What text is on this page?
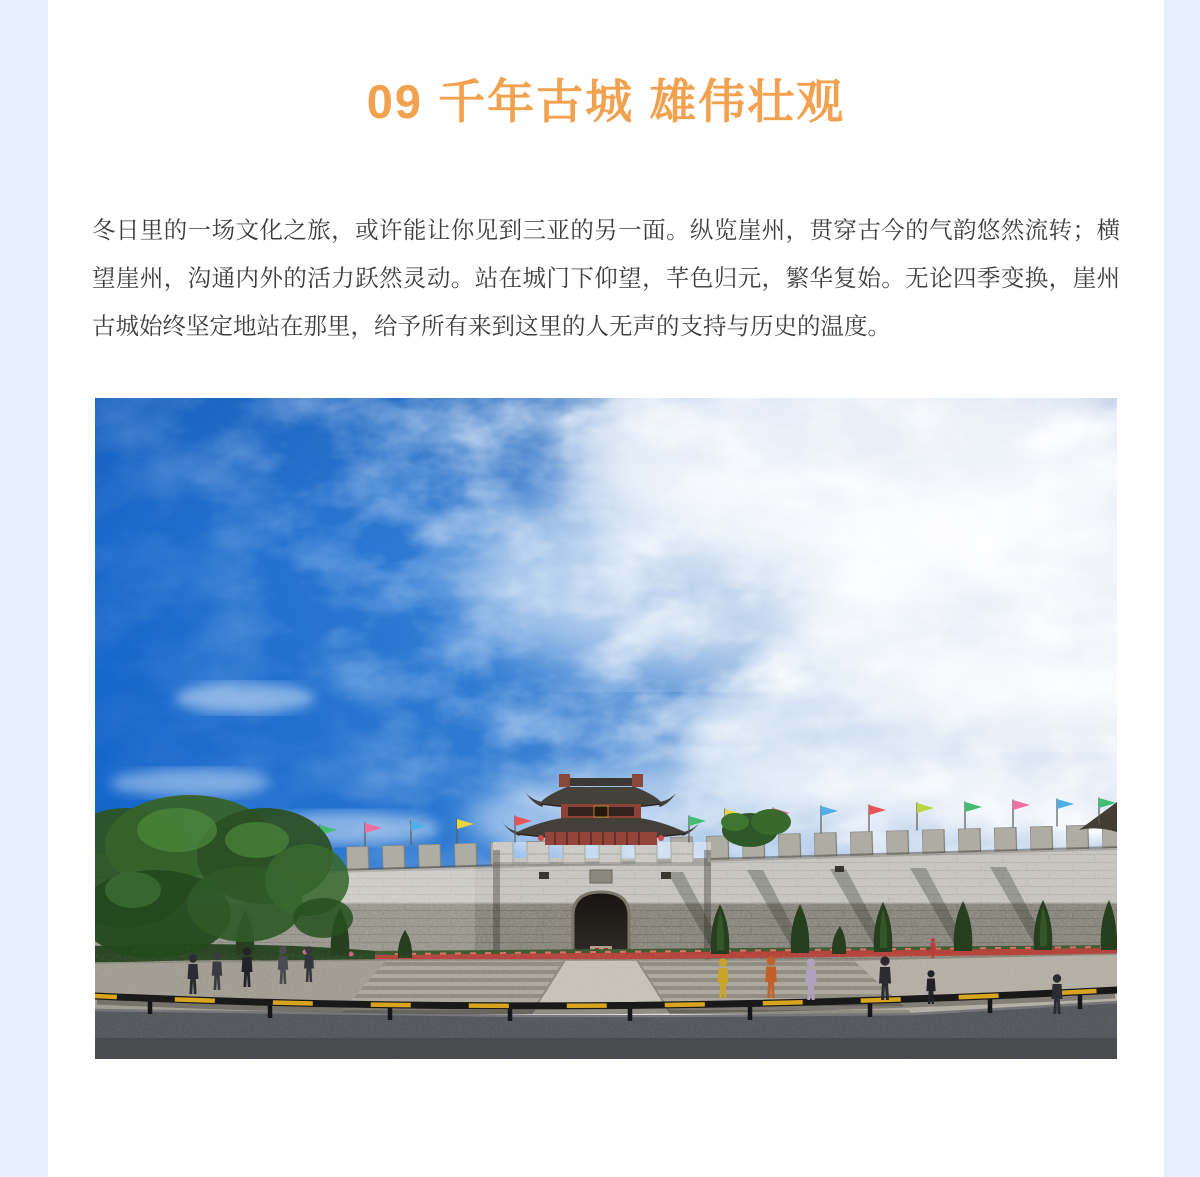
09 千年古城 雄伟壮观

冬日里的一场文化之旅，或许能让你见到三亚的另一面。纵览崖州，贯穿古今的气韵悠然流转；横望崖州，沟通内外的活力跃然灵动。站在城门下仰望，芊色归元，繁华复始。无论四季变换，崖州古城始终坚定地站在那里，给予所有来到这里的人无声的支持与历史的温度。
